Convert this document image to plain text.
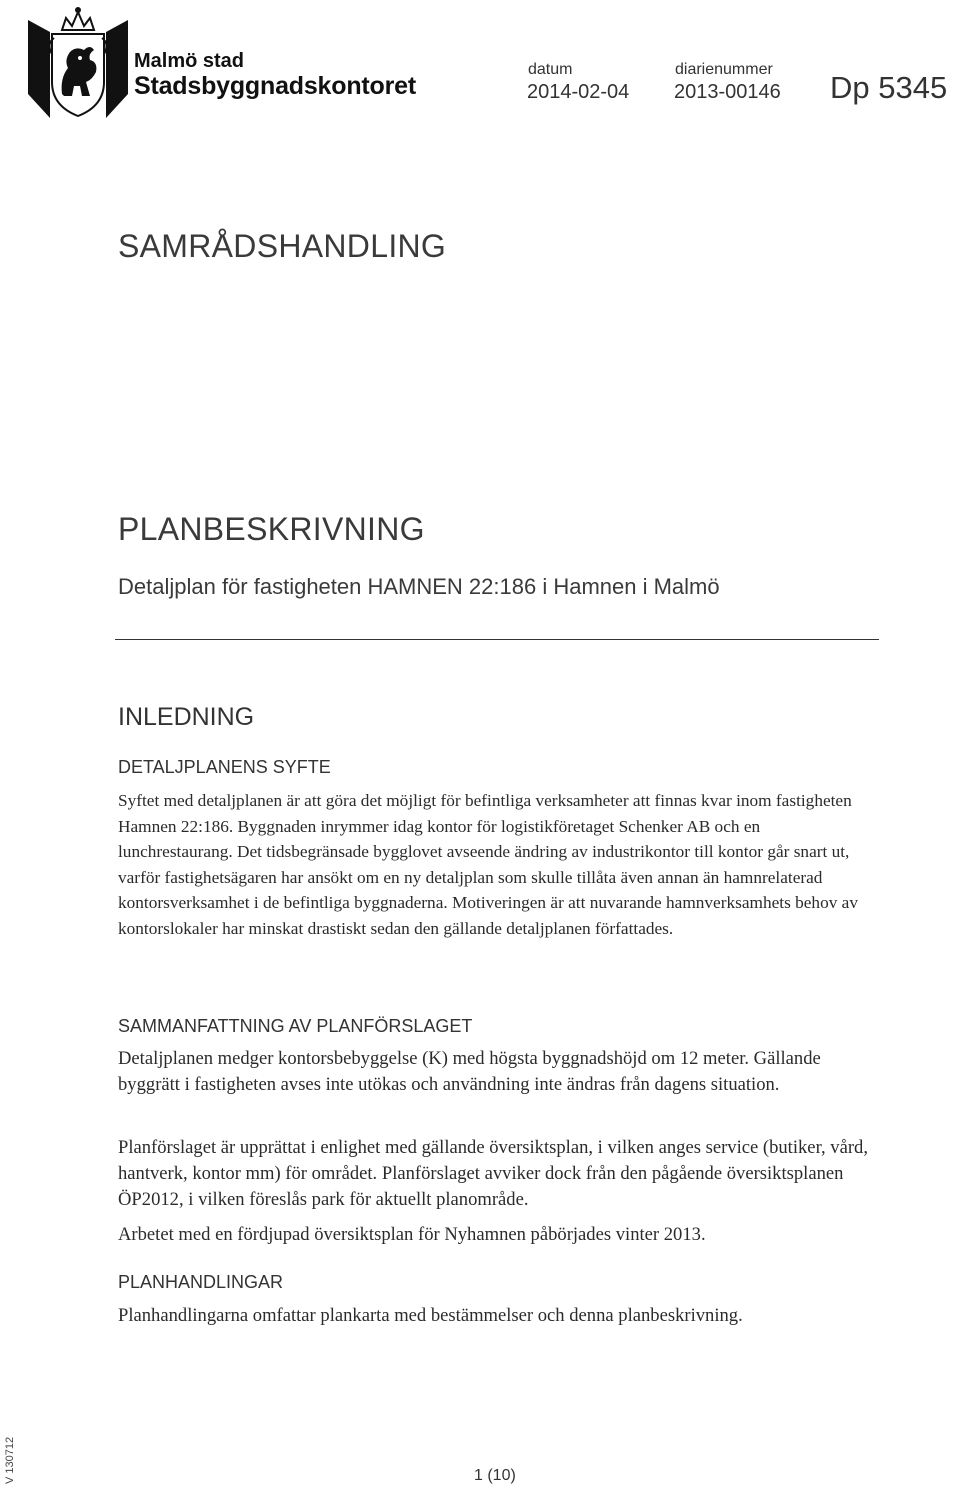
Malmö stad
Stadsbyggnadskontoret
datum
2014-02-04
diarienummer
2013-00146 Dp 5345
SAMRÅDSHANDLING
PLANBESKRIVNING
Detaljplan för fastigheten HAMNEN 22:186 i Hamnen i Malmö
INLEDNING
DETALJPLANENS SYFTE

Syftet med detaljplanen är att göra det möjligt för befintliga verksamheter att finnas kvar inom fastigheten Hamnen 22:186. Byggnaden inrymmer idag kontor för logistikföretaget Schenker AB och en lunchrestaurang. Det tidsbegränsade bygglovet avseende ändring av industrikontor till kontor går snart ut, varför fastighetsägaren har ansökt om en ny detaljplan som skulle tillåta även annan än hamnrelaterad kontorsverksamhet i de befintliga byggnaderna. Motiveringen är att nuvarande hamnverksamhets behov av kontorslokaler har minskat drastiskt sedan den gällande detaljplanen författades.

SAMMANFATTNING AV PLANFÖRSLAGET

Detaljplanen medger kontorsbebyggelse (K) med högsta byggnadshöjd om 12 meter. Gällande byggrätt i fastigheten avses inte utökas och användning inte ändras från dagens situation.

Planförslaget är upprättat i enlighet med gällande översiktsplan, i vilken anges service (butiker, vård, hantverk, kontor mm) för området. Planförslaget avviker dock från den pågående översiktsplanen ÖP2012, i vilken föreslås park för aktuellt planområde.

Arbetet med en fördjupad översiktsplan för Nyhamnen påbörjades vinter 2013.

PLANHANDLINGAR

Planhandlingarna omfattar plankarta med bestämmelser och denna planbeskrivning.

V 130712	1 (10)
